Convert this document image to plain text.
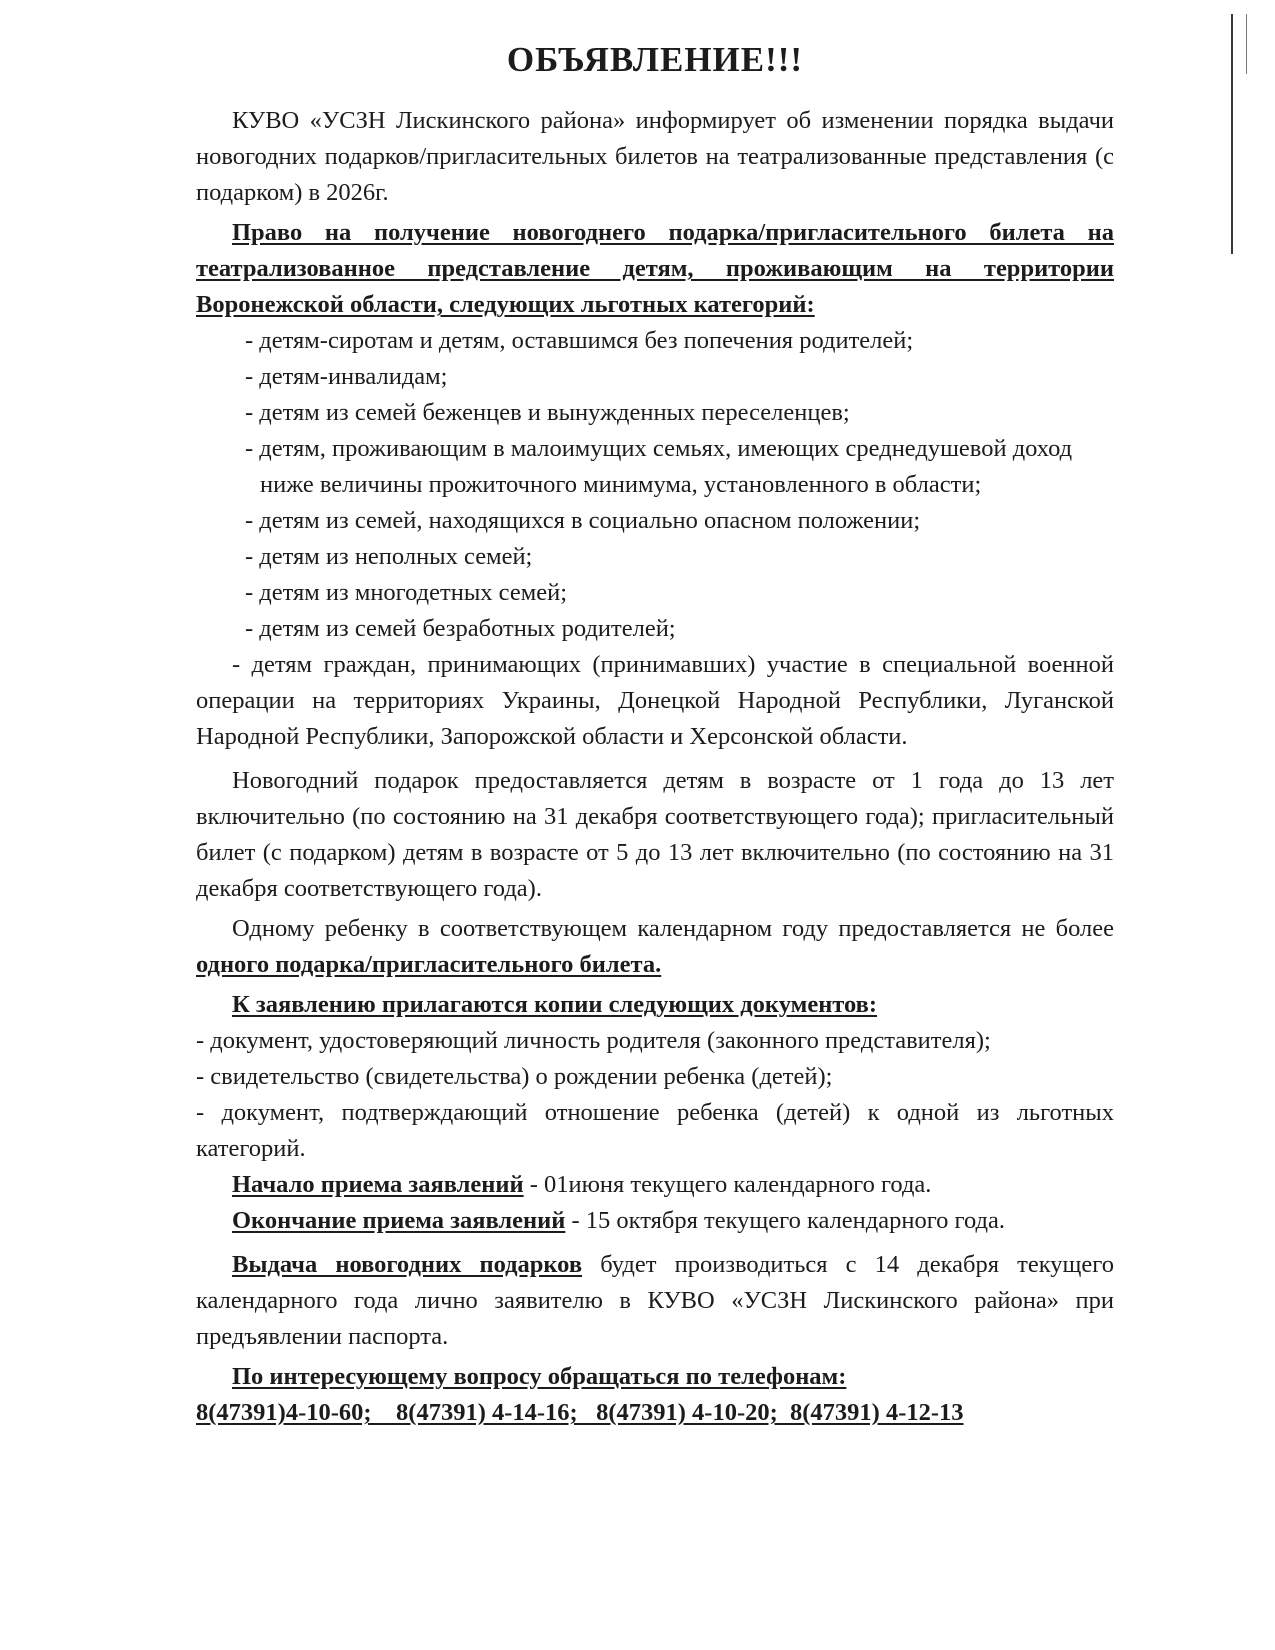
ОБЪЯВЛЕНИЕ!!!

КУВО «УСЗН Лискинского района» информирует об изменении порядка выдачи новогодних подарков/пригласительных билетов на театрализованные представления (с подарком) в 2026г.

Право на получение новогоднего подарка/пригласительного билета на театрализованное представление детям, проживающим на территории Воронежской области, следующих льготных категорий:

- детям-сиротам и детям, оставшимся без попечения родителей;

- детям-инвалидам;

- детям из семей беженцев и вынужденных переселенцев;

- детям, проживающим в малоимущих семьях, имеющих среднедушевой доход ниже величины прожиточного минимума, установленного в области;

- детям из семей, находящихся в социально опасном положении;

- детям из неполных семей;

- детям из многодетных семей;

- детям из семей безработных родителей;

- детям граждан, принимающих (принимавших) участие в специальной военной операции на территориях Украины, Донецкой Народной Республики, Луганской Народной Республики, Запорожской области и Херсонской области.

Новогодний подарок предоставляется детям в возрасте от 1 года до 13 лет включительно (по состоянию на 31 декабря соответствующего года); пригласительный билет (с подарком) детям в возрасте от 5 до 13 лет включительно (по состоянию на 31 декабря соответствующего года).

Одному ребенку в соответствующем календарном году предоставляется не более одного подарка/пригласительного билета.

К заявлению прилагаются копии следующих документов:

- документ, удостоверяющий личность родителя (законного представителя);

- свидетельство (свидетельства) о рождении ребенка (детей);

- документ, подтверждающий отношение ребенка (детей) к одной из льготных категорий.

Начало приема заявлений - 01июня текущего календарного года.

Окончание приема заявлений - 15 октября текущего календарного года.

Выдача новогодних подарков будет производиться с 14 декабря текущего календарного года лично заявителю в КУВО «УСЗН Лискинского района» при предъявлении паспорта.

По интересующему вопросу обращаться по телефонам:

8(47391)4-10-60;    8(47391) 4-14-16;   8(47391) 4-10-20;  8(47391) 4-12-13
